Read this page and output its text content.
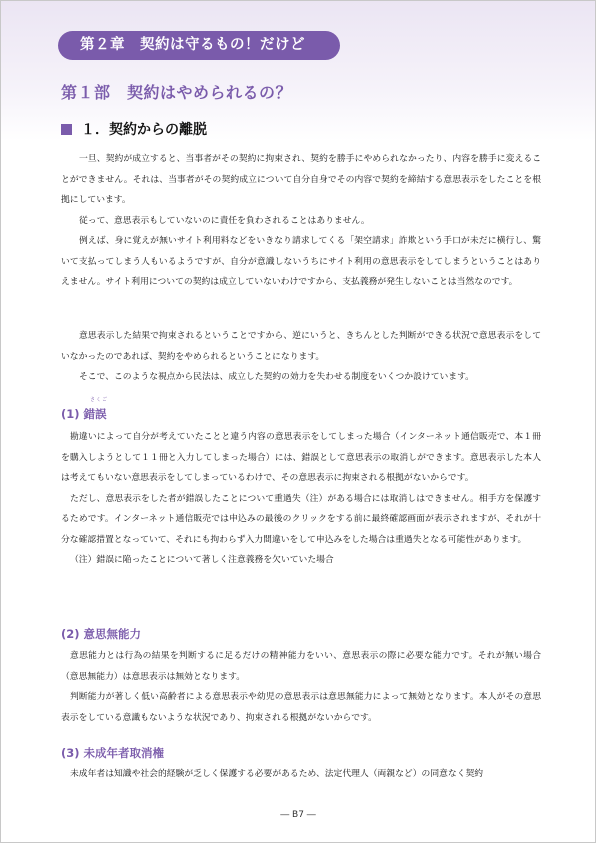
第２章　契約は守るもの！だけど
第１部　契約はやめられるの？
１．契約からの離脱

一旦、契約が成立すると、当事者がその契約に拘束され、契約を勝手にやめられなかったり、内容を勝手に変えることができません。それは、当事者がその契約成立について自分自身でその内容で契約を締結する意思表示をしたことを根拠にしています。

従って、意思表示もしていないのに責任を負わされることはありません。

例えば、身に覚えが無いサイト利用料などをいきなり請求してくる「架空請求」詐欺という手口が未だに横行し、驚いて支払ってしまう人もいるようですが、自分が意識しないうちにサイト利用の意思表示をしてしまうということはありえません。サイト利用についての契約は成立していないわけですから、支払義務が発生しないことは当然なのです。

意思表示した結果で拘束されるということですから、逆にいうと、きちんとした判断ができる状況で意思表示をしていなかったのであれば、契約をやめられるということになります。

そこで、このような視点から民法は、成立した契約の効力を失わせる制度をいくつか設けています。

さくご
(1) 錯誤

勘違いによって自分が考えていたことと違う内容の意思表示をしてしまった場合（インターネット通信販売で、本１冊を購入しようとして１１冊と入力してしまった場合）には、錯誤として意思表示の取消しができます。意思表示した本人は考えてもいない意思表示をしてしまっているわけで、その意思表示に拘束される根拠がないからです。

ただし、意思表示をした者が錯誤したことについて重過失（注）がある場合には取消しはできません。相手方を保護するためです。インターネット通信販売では申込みの最後のクリックをする前に最終確認画面が表示されますが、それが十分な確認措置となっていて、それにも拘わらず入力間違いをして申込みをした場合は重過失となる可能性があります。

（注）錯誤に陥ったことについて著しく注意義務を欠いていた場合

(2) 意思無能力

意思能力とは行為の結果を判断するに足るだけの精神能力をいい、意思表示の際に必要な能力です。それが無い場合（意思無能力）は意思表示は無効となります。

判断能力が著しく低い高齢者による意思表示や幼児の意思表示は意思無能力によって無効となります。本人がその意思表示をしている意識もないような状況であり、拘束される根拠がないからです。

(3) 未成年者取消権

未成年者は知識や社会的経験が乏しく保護する必要があるため、法定代理人（両親など）の同意なく契約

― B7 ―
